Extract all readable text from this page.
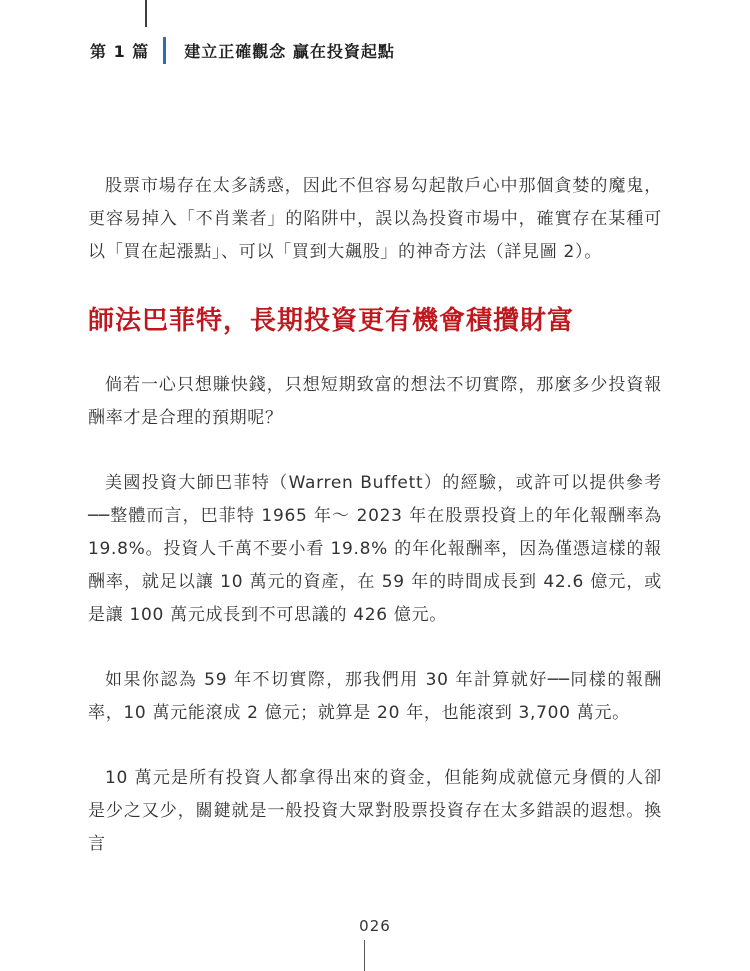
第 1 篇 建立正確觀念 贏在投資起點

股票市場存在太多誘惑，因此不但容易勾起散戶心中那個貪婪的魔鬼，更容易掉入「不肖業者」的陷阱中，誤以為投資市場中，確實存在某種可以「買在起漲點」、可以「買到大飆股」的神奇方法（詳見圖 2）。

師法巴菲特，長期投資更有機會積攢財富

倘若一心只想賺快錢，只想短期致富的想法不切實際，那麼多少投資報酬率才是合理的預期呢？

美國投資大師巴菲特（Warren Buffett）的經驗，或許可以提供參考──整體而言，巴菲特 1965 年～ 2023 年在股票投資上的年化報酬率為 19.8%。投資人千萬不要小看 19.8% 的年化報酬率，因為僅憑這樣的報酬率，就足以讓 10 萬元的資產，在 59 年的時間成長到 42.6 億元，或是讓 100 萬元成長到不可思議的 426 億元。

如果你認為 59 年不切實際，那我們用 30 年計算就好──同樣的報酬率，10 萬元能滾成 2 億元；就算是 20 年，也能滾到 3,700 萬元。

10 萬元是所有投資人都拿得出來的資金，但能夠成就億元身價的人卻是少之又少，關鍵就是一般投資大眾對股票投資存在太多錯誤的遐想。換言

026
